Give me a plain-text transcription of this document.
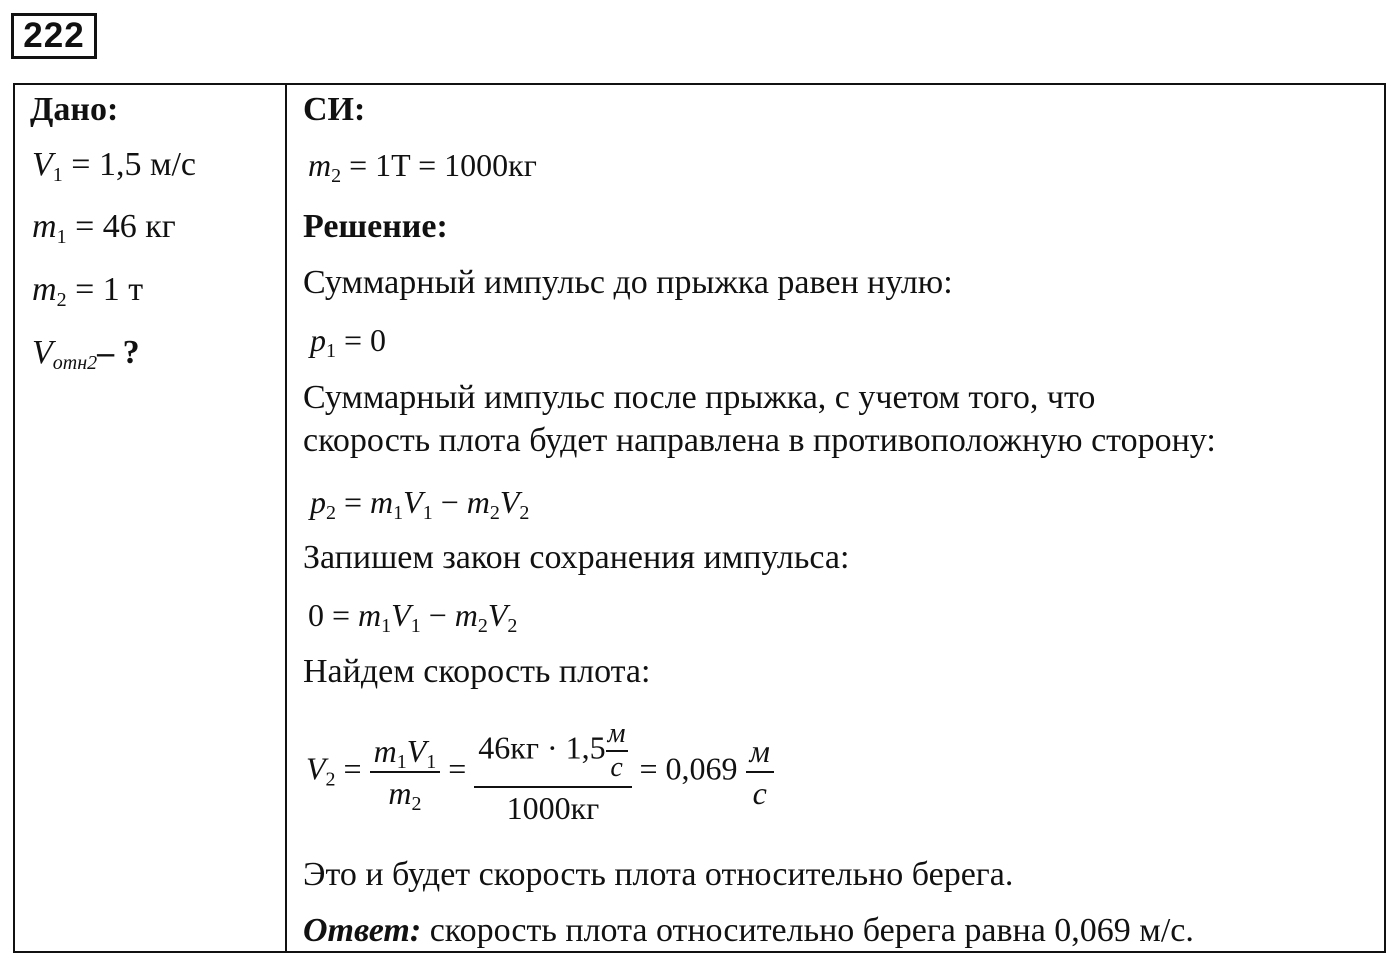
222
Дано:
$V_1 = 1,5$ м/с
$m_1 = 46$ кг
$m_2 = 1$ т
$V_{отн2}-$ ?
СИ:
$m_2 = 1T = 1000кг$
Решение:
Суммарный импульс до прыжка равен нулю:
$p_1 = 0$
Суммарный импульс после прыжка, с учетом того, что
скорость плота будет направлена в противоположную сторону:
$p_2 = m_1V_1 - m_2V_2$
Запишем закон сохранения импульса:
$0 = m_1V_1 - m_2V_2$
Найдем скорость плота:
$V_2 = \frac{m_1V_1}{m_2} = \frac{46кг \cdot 1,5 \frac{м}{с}}{1000кг} = 0,069 \frac{м}{с}$
Это и будет скорость плота относительно берега.
Ответ: скорость плота относительно берега равна 0,069 м/с.
